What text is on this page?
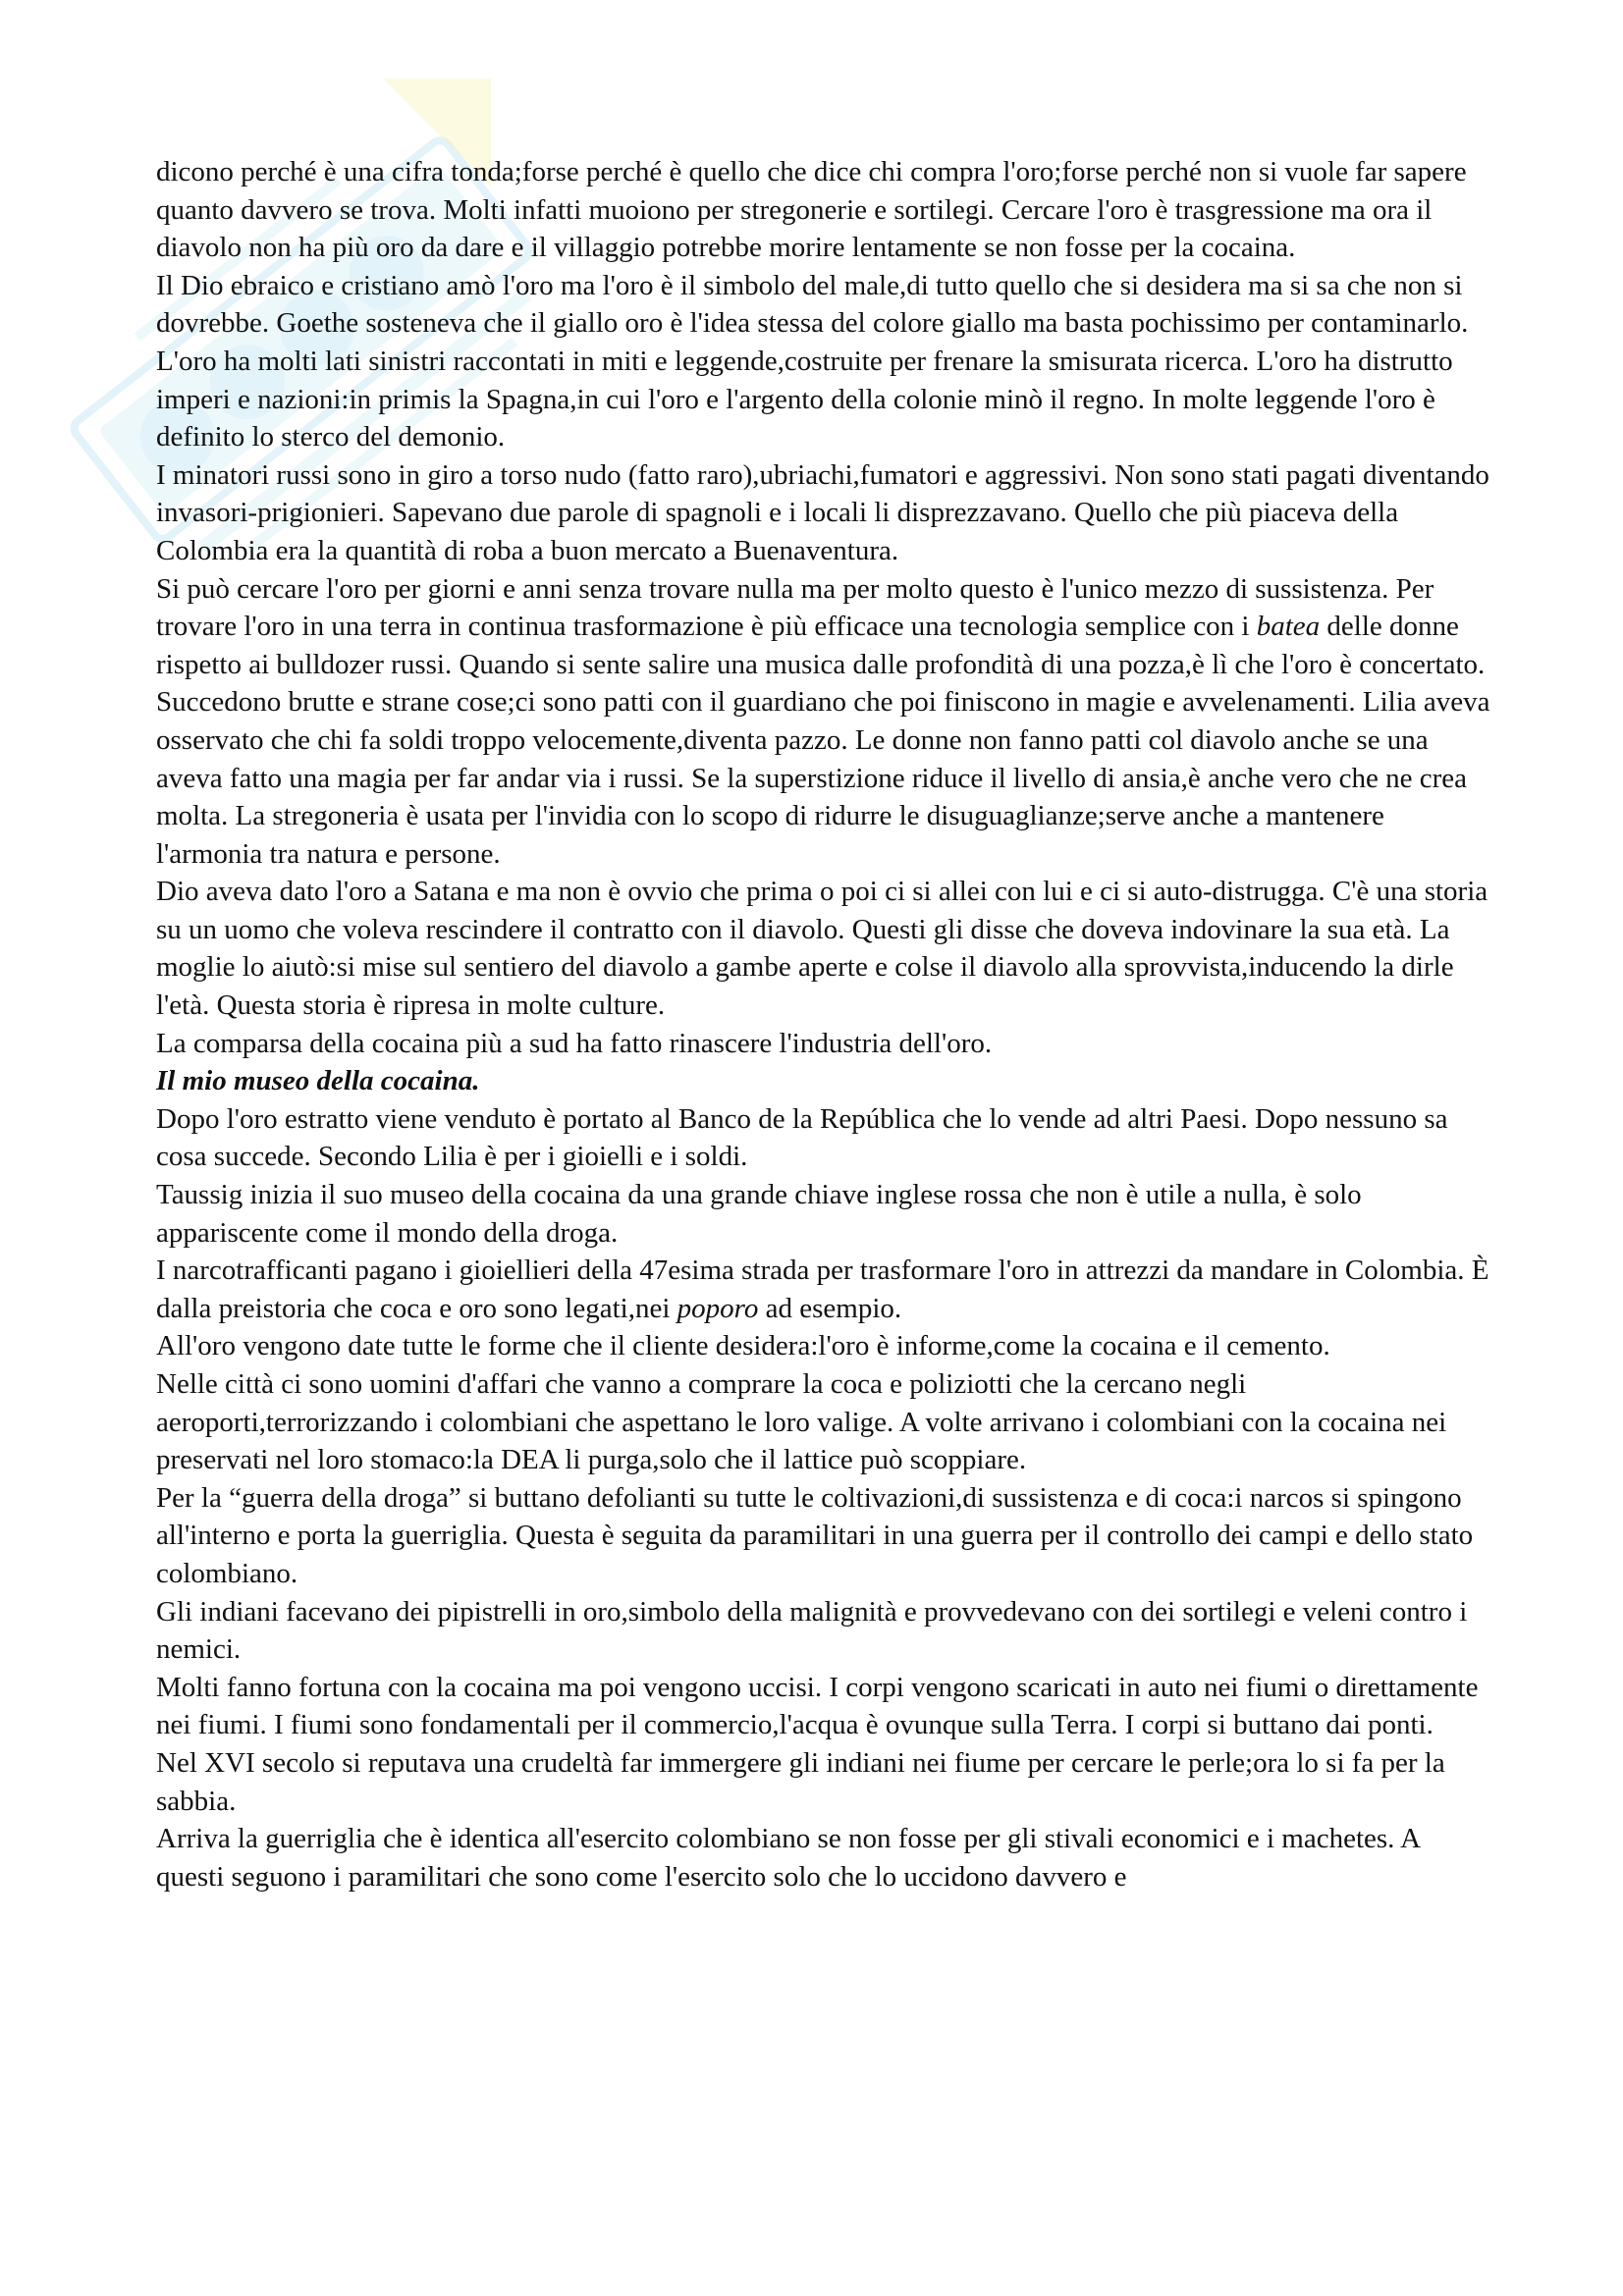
dicono perché è una cifra tonda;forse perché è quello che dice chi compra l'oro;forse perché non si vuole far sapere quanto davvero se trova. Molti infatti muoiono per stregonerie e sortilegi. Cercare l'oro è trasgressione ma ora il diavolo non ha più oro da dare e il villaggio potrebbe morire lentamente se non fosse per la cocaina.

Il Dio ebraico e cristiano amò l'oro ma l'oro è il simbolo del male,di tutto quello che si desidera ma si sa che non si dovrebbe. Goethe sosteneva che il giallo oro è l'idea stessa del colore giallo ma basta pochissimo per contaminarlo. L'oro ha molti lati sinistri raccontati in miti e leggende,costruite per frenare la smisurata ricerca. L'oro ha distrutto imperi e nazioni:in primis la Spagna,in cui l'oro e l'argento della colonie minò il regno. In molte leggende l'oro è definito lo sterco del demonio.

I minatori russi sono in giro a torso nudo (fatto raro),ubriachi,fumatori e aggressivi. Non sono stati pagati diventando invasori-prigionieri. Sapevano due parole di spagnoli e i locali li disprezzavano. Quello che più piaceva della Colombia era la quantità di roba a buon mercato a Buenaventura.

Si può cercare l'oro per giorni e anni senza trovare nulla ma per molto questo è l'unico mezzo di sussistenza. Per trovare l'oro in una terra in continua trasformazione è più efficace una tecnologia semplice con i batea delle donne rispetto ai bulldozer russi. Quando si sente salire una musica dalle profondità di una pozza,è lì che l'oro è concertato.

Succedono brutte e strane cose;ci sono patti con il guardiano che poi finiscono in magie e avvelenamenti. Lilia aveva osservato che chi fa soldi troppo velocemente,diventa pazzo. Le donne non fanno patti col diavolo anche se una aveva fatto una magia per far andar via i russi. Se la superstizione riduce il livello di ansia,è anche vero che ne crea molta. La stregoneria è usata per l'invidia con lo scopo di ridurre le disuguaglianze;serve anche a mantenere l'armonia tra natura e persone.

Dio aveva dato l'oro a Satana e ma non è ovvio che prima o poi ci si allei con lui e ci si auto-distrugga. C'è una storia su un uomo che voleva rescindere il contratto con il diavolo. Questi gli disse che doveva indovinare la sua età. La moglie lo aiutò:si mise sul sentiero del diavolo a gambe aperte e colse il diavolo alla sprovvista,inducendo la dirle l'età. Questa storia è ripresa in molte culture.

La comparsa della cocaina più a sud ha fatto rinascere l'industria dell'oro.

Il mio museo della cocaina.

Dopo l'oro estratto viene venduto è portato al Banco de la República che lo vende ad altri Paesi. Dopo nessuno sa cosa succede. Secondo Lilia è per i gioielli e i soldi.

Taussig inizia il suo museo della cocaina da una grande chiave inglese rossa che non è utile a nulla, è solo appariscente come il mondo della droga.

I narcotrafficanti pagano i gioiellieri della 47esima strada per trasformare l'oro in attrezzi da mandare in Colombia. È dalla preistoria che coca e oro sono legati,nei poporo ad esempio.

All'oro vengono date tutte le forme che il cliente desidera:l'oro è informe,come la cocaina e il cemento.

Nelle città ci sono uomini d'affari che vanno a comprare la coca e poliziotti che la cercano negli aeroporti,terrorizzando i colombiani che aspettano le loro valige. A volte arrivano i colombiani con la cocaina nei preservati nel loro stomaco:la DEA li purga,solo che il lattice può scoppiare.

Per la “guerra della droga” si buttano defolianti su tutte le coltivazioni,di sussistenza e di coca:i narcos si spingono all'interno e porta la guerriglia. Questa è seguita da paramilitari in una guerra per il controllo dei campi e dello stato colombiano.

Gli indiani facevano dei pipistrelli in oro,simbolo della malignità e provvedevano con dei sortilegi e veleni contro i nemici.

Molti fanno fortuna con la cocaina ma poi vengono uccisi. I corpi vengono scaricati in auto nei fiumi o direttamente nei fiumi. I fiumi sono fondamentali per il commercio,l'acqua è ovunque sulla Terra. I corpi si buttano dai ponti.

Nel XVI secolo si reputava una crudeltà far immergere gli indiani nei fiume per cercare le perle;ora lo si fa per la sabbia.

Arriva la guerriglia che è identica all'esercito colombiano se non fosse per gli stivali economici e i machetes. A questi seguono i paramilitari che sono come l'esercito solo che lo uccidono davvero e
